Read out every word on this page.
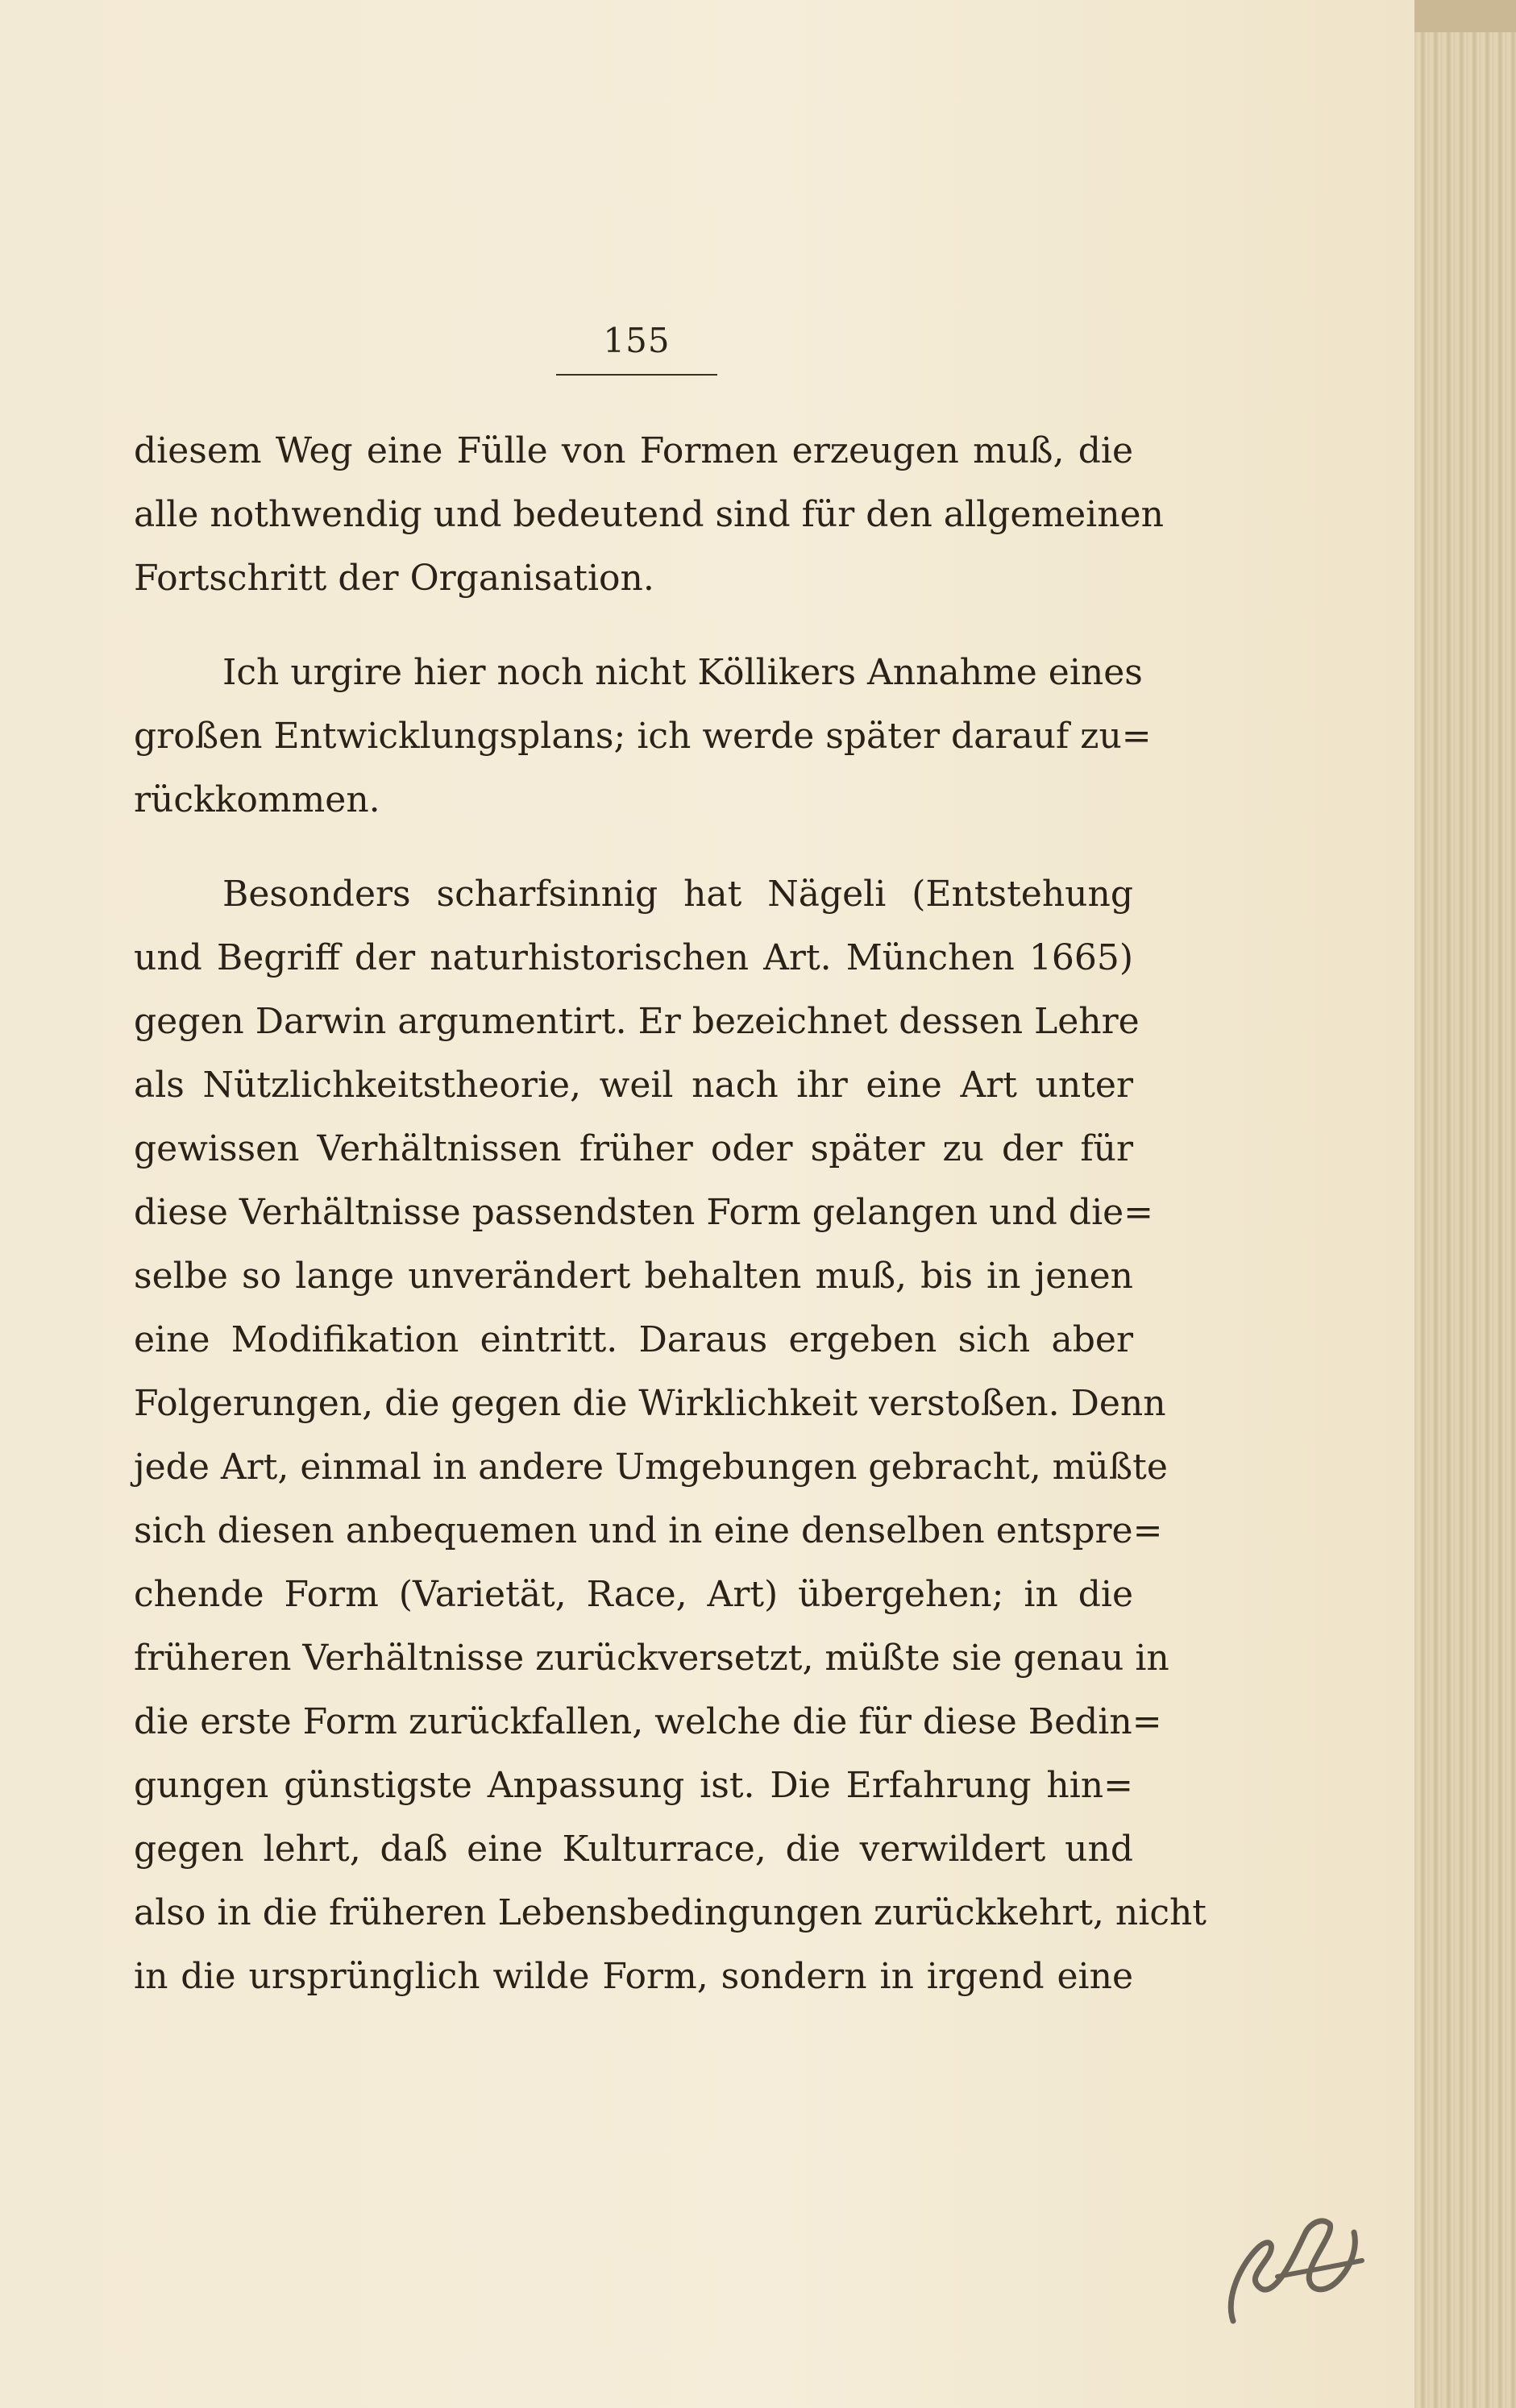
155

diesem Weg eine Fülle von Formen erzeugen muß, die
alle nothwendig und bedeutend sind für den allgemeinen
Fortschritt der Organisation.

Ich urgire hier noch nicht Köllikers Annahme eines
großen Entwicklungsplans; ich werde später darauf zu=
rückkommen.

Besonders scharfsinnig hat Nägeli (Entstehung
und Begriff der naturhistorischen Art. München 1665)
gegen Darwin argumentirt. Er bezeichnet dessen Lehre
als Nützlichkeitstheorie, weil nach ihr eine Art unter
gewissen Verhältnissen früher oder später zu der für
diese Verhältnisse passendsten Form gelangen und die=
selbe so lange unverändert behalten muß, bis in jenen
eine Modifikation eintritt. Daraus ergeben sich aber
Folgerungen, die gegen die Wirklichkeit verstoßen. Denn
jede Art, einmal in andere Umgebungen gebracht, müßte
sich diesen anbequemen und in eine denselben entspre=
chende Form (Varietät, Race, Art) übergehen; in die
früheren Verhältnisse zurückversetzt, müßte sie genau in
die erste Form zurückfallen, welche die für diese Bedin=
gungen günstigste Anpassung ist. Die Erfahrung hin=
gegen lehrt, daß eine Kulturrace, die verwildert und
also in die früheren Lebensbedingungen zurückkehrt, nicht
in die ursprünglich wilde Form, sondern in irgend eine
